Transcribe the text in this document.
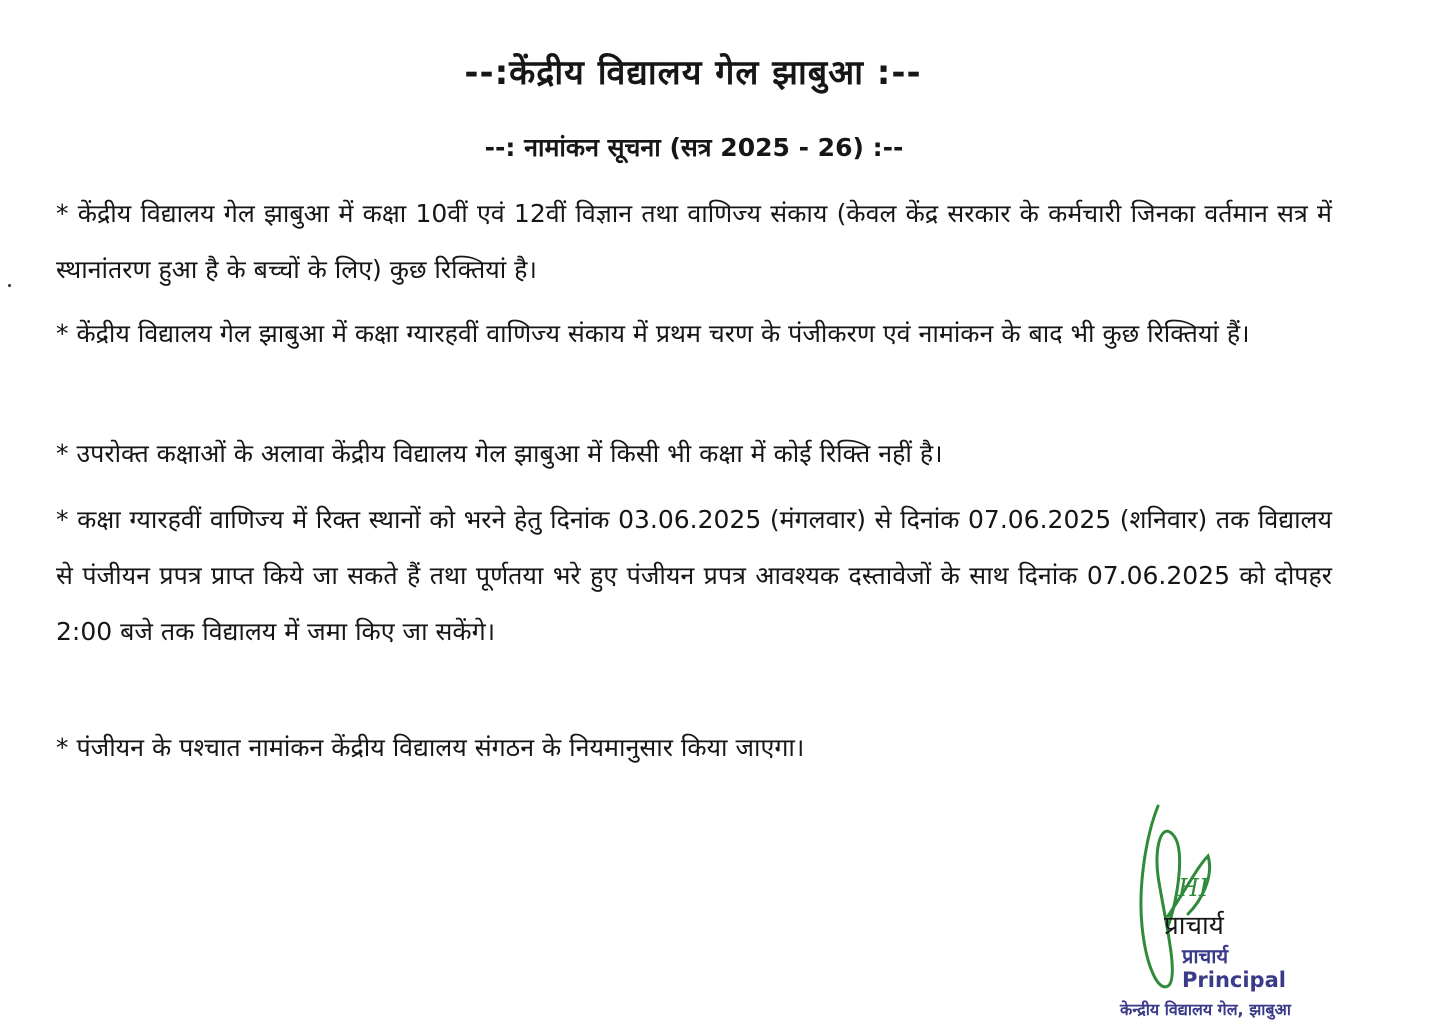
--:केंद्रीय विद्यालय गेल झाबुआ :--
--: नामांकन सूचना (सत्र 2025 - 26) :--
* केंद्रीय विद्यालय गेल झाबुआ में कक्षा 10वीं एवं 12वीं विज्ञान तथा वाणिज्य संकाय (केवल केंद्र सरकार के कर्मचारी जिनका वर्तमान सत्र में स्थानांतरण हुआ है के बच्चों के लिए) कुछ रिक्तियां है।
* केंद्रीय विद्यालय गेल झाबुआ में कक्षा ग्यारहवीं वाणिज्य संकाय में प्रथम चरण के पंजीकरण एवं नामांकन के बाद भी कुछ रिक्तियां हैं।
* उपरोक्त कक्षाओं के अलावा केंद्रीय विद्यालय गेल झाबुआ में किसी भी कक्षा में कोई रिक्ति नहीं है।
* कक्षा ग्यारहवीं वाणिज्य में रिक्त स्थानों को भरने हेतु दिनांक 03.06.2025 (मंगलवार) से दिनांक 07.06.2025 (शनिवार) तक विद्यालय से पंजीयन प्रपत्र प्राप्त किये जा सकते हैं तथा पूर्णतया भरे हुए पंजीयन प्रपत्र आवश्यक दस्तावेजों के साथ दिनांक 07.06.2025 को दोपहर 2:00 बजे तक विद्यालय में जमा किए जा सकेंगे।
* पंजीयन के पश्चात नामांकन केंद्रीय विद्यालय संगठन के नियमानुसार किया जाएगा।
HI
प्राचार्य
प्राचार्य
Principal
केन्द्रीय विद्यालय गेल, झाबुआ
